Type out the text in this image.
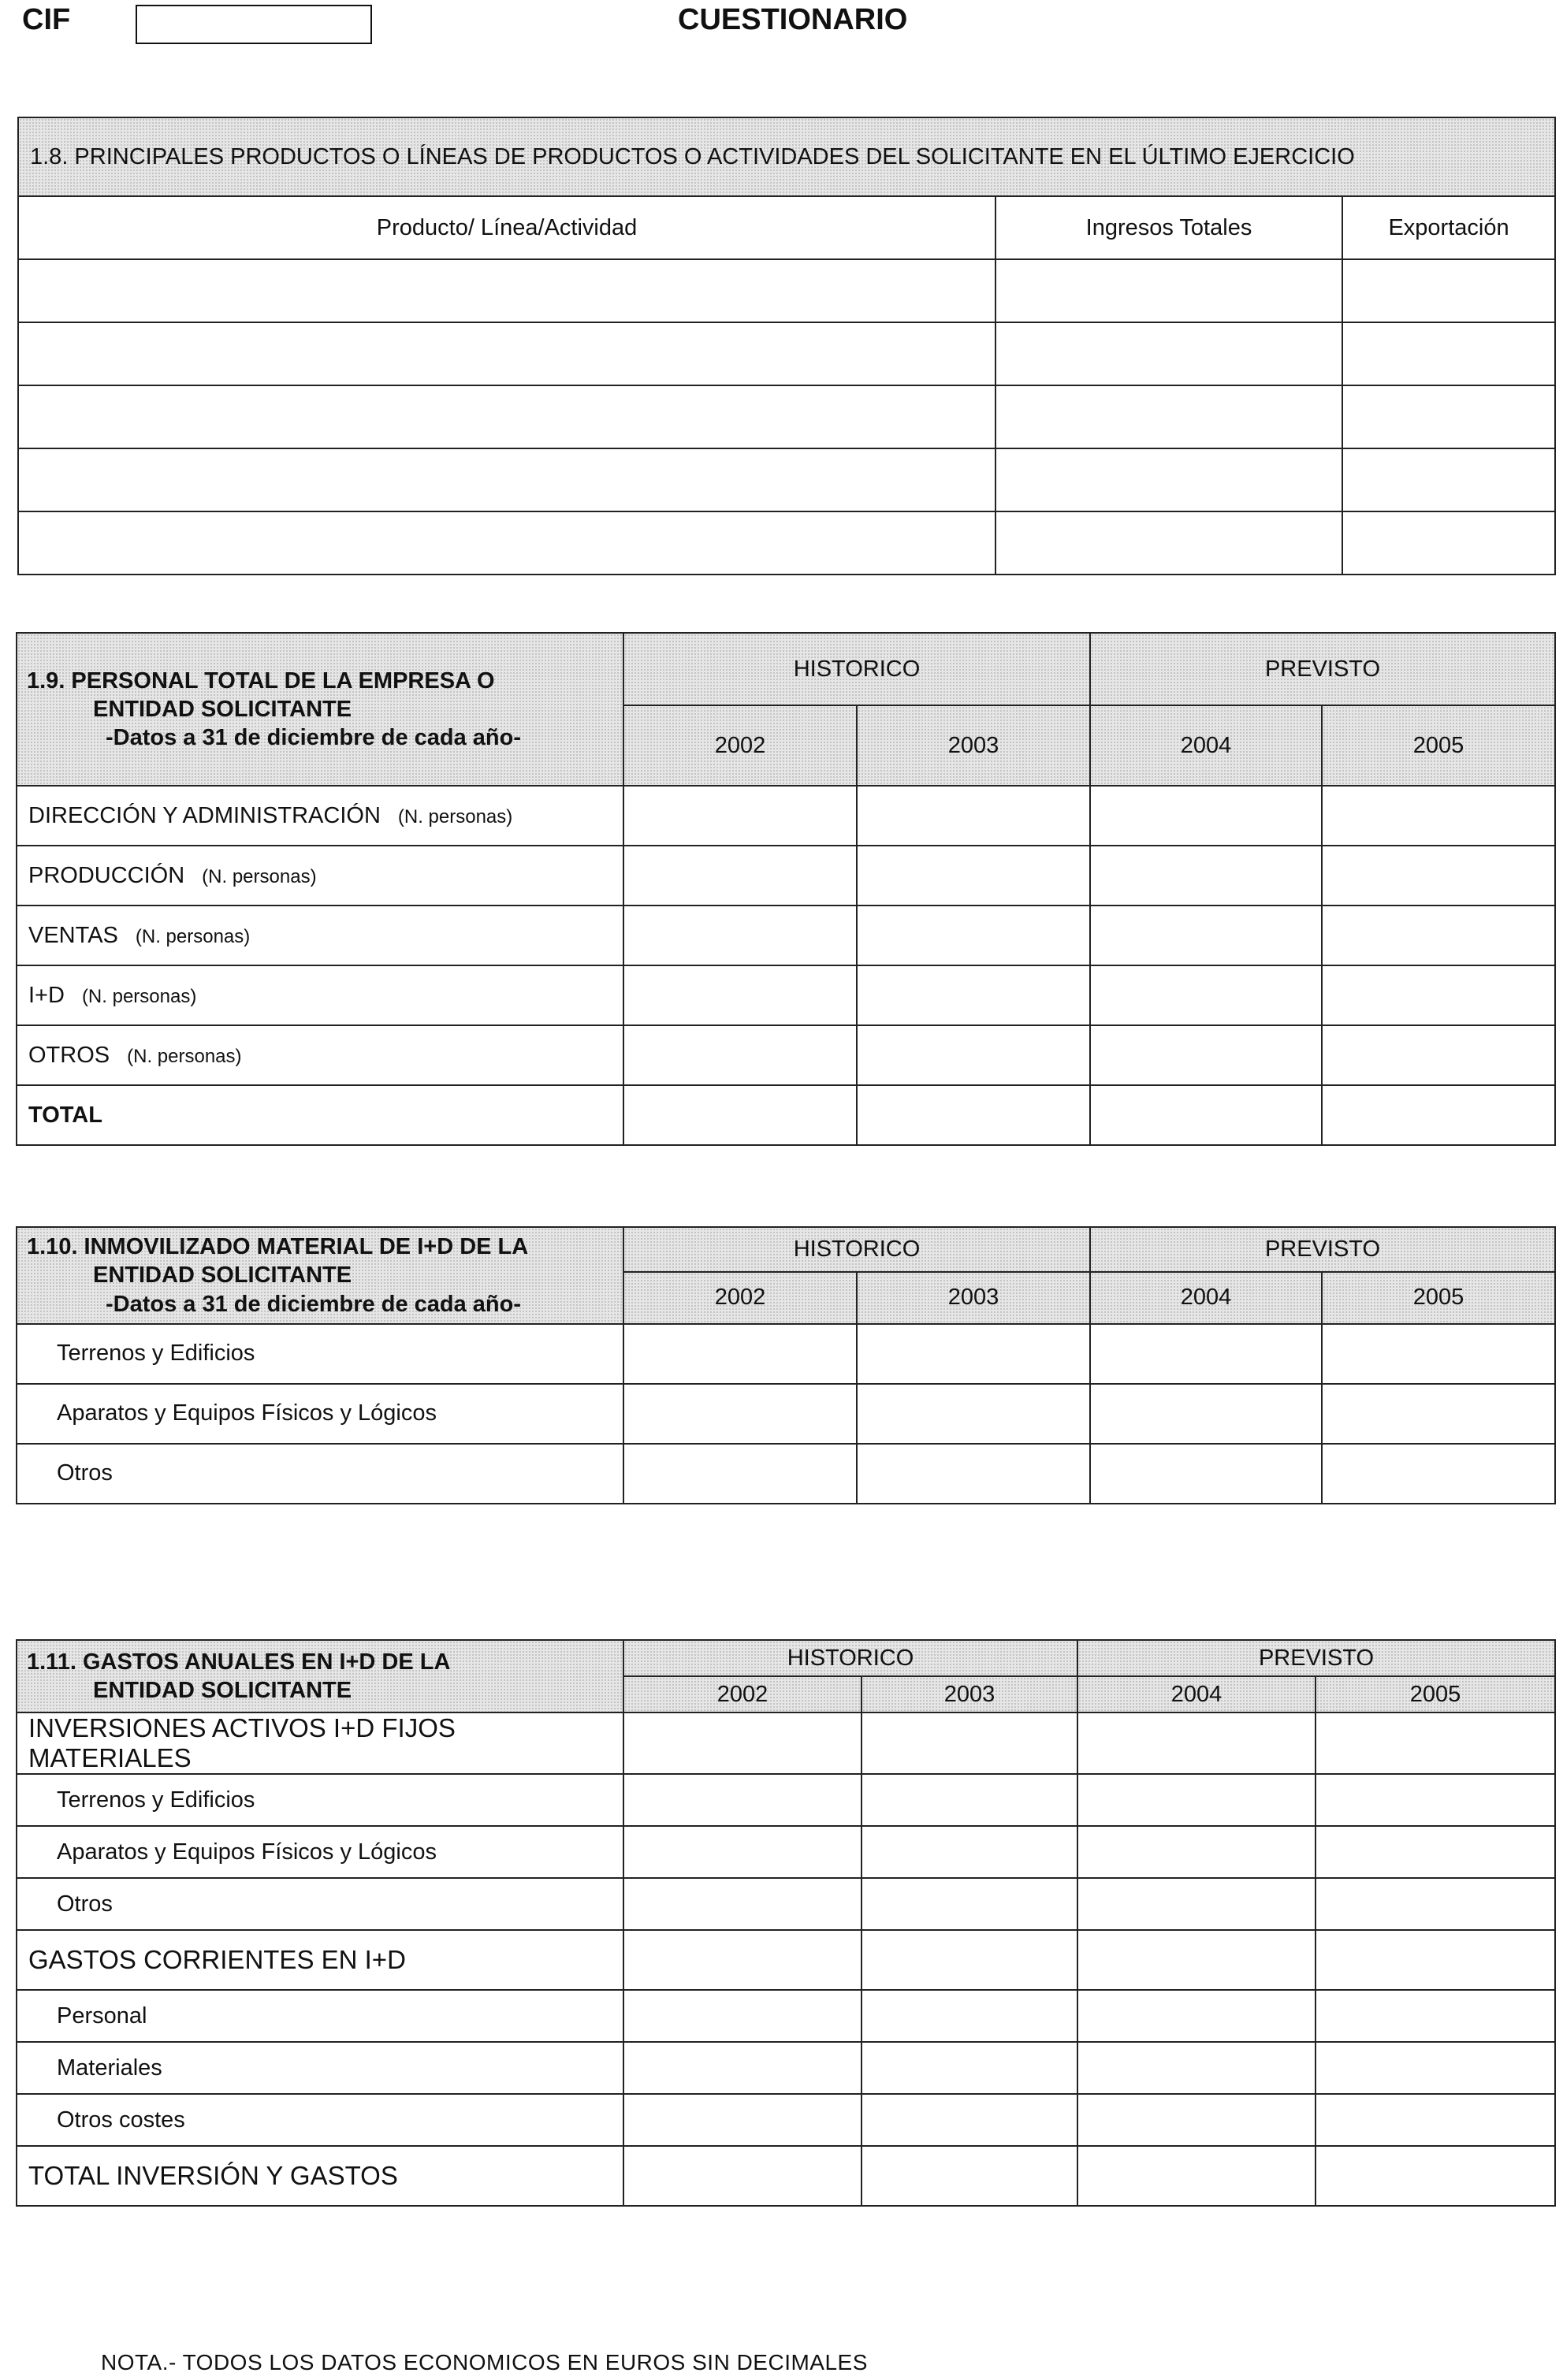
CIF	CUESTIONARIO
1.8. PRINCIPALES PRODUCTOS O LÍNEAS DE PRODUCTOS O ACTIVIDADES DEL SOLICITANTE EN EL ÚLTIMO EJERCICIO		
Producto/ Línea/Actividad	Ingresos Totales	Exportación

1.9. PERSONAL TOTAL DE LA EMPRESA O
ENTIDAD SOLICITANTE
-Datos a 31 de diciembre de cada año-	HISTORICO		PREVISTO	
	2002	2003	2004	2005
DIRECCIÓN Y ADMINISTRACIÓN (N. personas)				
PRODUCCIÓN (N. personas)				
VENTAS (N. personas)				
I+D (N. personas)				
OTROS (N. personas)				
TOTAL				
1.10. INMOVILIZADO MATERIAL DE I+D DE LA
ENTIDAD SOLICITANTE
-Datos a 31 de diciembre de cada año-	HISTORICO		PREVISTO	
	2002	2003	2004	2005
Terrenos y Edificios				
Aparatos y Equipos Físicos y Lógicos				
Otros				
1.11. GASTOS ANUALES EN I+D DE LA
ENTIDAD SOLICITANTE	HISTORICO		PREVISTO	
	2002	2003	2004	2005
INVERSIONES ACTIVOS I+D FIJOS MATERIALES				
Terrenos y Edificios				
Aparatos y Equipos Físicos y Lógicos				
Otros				
GASTOS CORRIENTES EN I+D				
Personal				
Materiales				
Otros costes				
TOTAL INVERSIÓN Y GASTOS				
NOTA.- TODOS LOS DATOS ECONOMICOS EN EUROS SIN DECIMALES
